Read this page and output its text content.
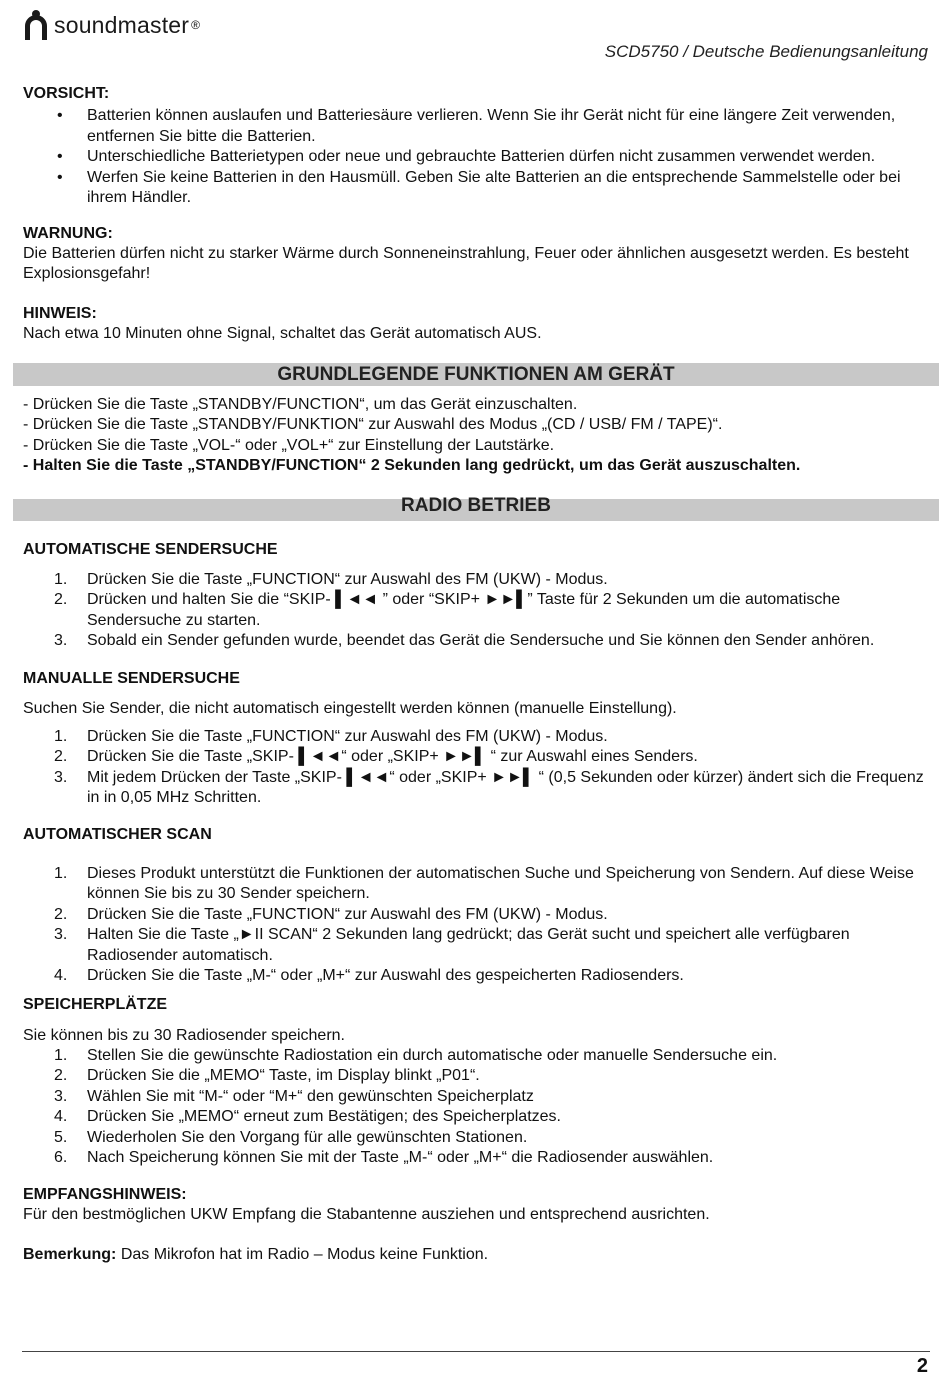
soundmaster ®
SCD5750 / Deutsche Bedienungsanleitung

VORSICHT:

• Batterien können auslaufen und Batteriesäure verlieren. Wenn Sie ihr Gerät nicht für eine längere Zeit verwenden, entfernen Sie bitte die Batterien.
• Unterschiedliche Batterietypen oder neue und gebrauchte Batterien dürfen nicht zusammen verwendet werden.
• Werfen Sie keine Batterien in den Hausmüll. Geben Sie alte Batterien an die entsprechende Sammelstelle oder bei ihrem Händler.

WARNUNG:

Die Batterien dürfen nicht zu starker Wärme durch Sonneneinstrahlung, Feuer oder ähnlichen ausgesetzt werden. Es besteht Explosionsgefahr!

HINWEIS:

Nach etwa 10 Minuten ohne Signal, schaltet das Gerät automatisch AUS.

GRUNDLEGENDE FUNKTIONEN AM GERÄT
- Drücken Sie die Taste „STANDBY/FUNCTION“, um das Gerät einzuschalten.
- Drücken Sie die Taste „STANDBY/FUNKTION“ zur Auswahl des Modus „(CD / USB/ FM / TAPE)“.
- Drücken Sie die Taste „VOL-“ oder „VOL+“ zur Einstellung der Lautstärke.
- Halten Sie die Taste „STANDBY/FUNCTION“ 2 Sekunden lang gedrückt, um das Gerät auszuschalten.
RADIO BETRIEB

AUTOMATISCHE SENDERSUCHE

1. Drücken Sie die Taste „FUNCTION“ zur Auswahl des FM (UKW) - Modus.
2. Drücken und halten Sie die “SKIP- ▌◄◄ ” oder “SKIP+ ►►▌” Taste für 2 Sekunden um die automatische Sendersuche zu starten.
3. Sobald ein Sender gefunden wurde, beendet das Gerät die Sendersuche und Sie können den Sender anhören.

MANUALLE SENDERSUCHE

Suchen Sie Sender, die nicht automatisch eingestellt werden können (manuelle Einstellung).

1. Drücken Sie die Taste „FUNCTION“ zur Auswahl des FM (UKW) - Modus.
2. Drücken Sie die Taste „SKIP- ▌◄◄“ oder „SKIP+ ►►▌ “ zur Auswahl eines Senders.
3. Mit jedem Drücken der Taste „SKIP- ▌◄◄“ oder „SKIP+ ►►▌ “ (0,5 Sekunden oder kürzer) ändert sich die Frequenz in in 0,05 MHz Schritten.

AUTOMATISCHER SCAN

1. Dieses Produkt unterstützt die Funktionen der automatischen Suche und Speicherung von Sendern. Auf diese Weise können Sie bis zu 30 Sender speichern.
2. Drücken Sie die Taste „FUNCTION“ zur Auswahl des FM (UKW) - Modus.
3. Halten Sie die Taste „►II SCAN“ 2 Sekunden lang gedrückt; das Gerät sucht und speichert alle verfügbaren Radiosender automatisch.
4. Drücken Sie die Taste „M-“ oder „M+“ zur Auswahl des gespeicherten Radiosenders.

SPEICHERPLÄTZE

Sie können bis zu 30 Radiosender speichern.

1. Stellen Sie die gewünschte Radiostation ein durch automatische oder manuelle Sendersuche ein.
2. Drücken Sie die „MEMO“ Taste, im Display blinkt „P01“.
3. Wählen Sie mit “M-“ oder “M+“ den gewünschten Speicherplatz
4. Drücken Sie „MEMO“ erneut zum Bestätigen; des Speicherplatzes.
5. Wiederholen Sie den Vorgang für alle gewünschten Stationen.
6. Nach Speicherung können Sie mit der Taste „M-“ oder „M+“ die Radiosender auswählen.

EMPFANGSHINWEIS:

Für den bestmöglichen UKW Empfang die Stabantenne ausziehen und entsprechend ausrichten.

Bemerkung: Das Mikrofon hat im Radio – Modus keine Funktion.

2
